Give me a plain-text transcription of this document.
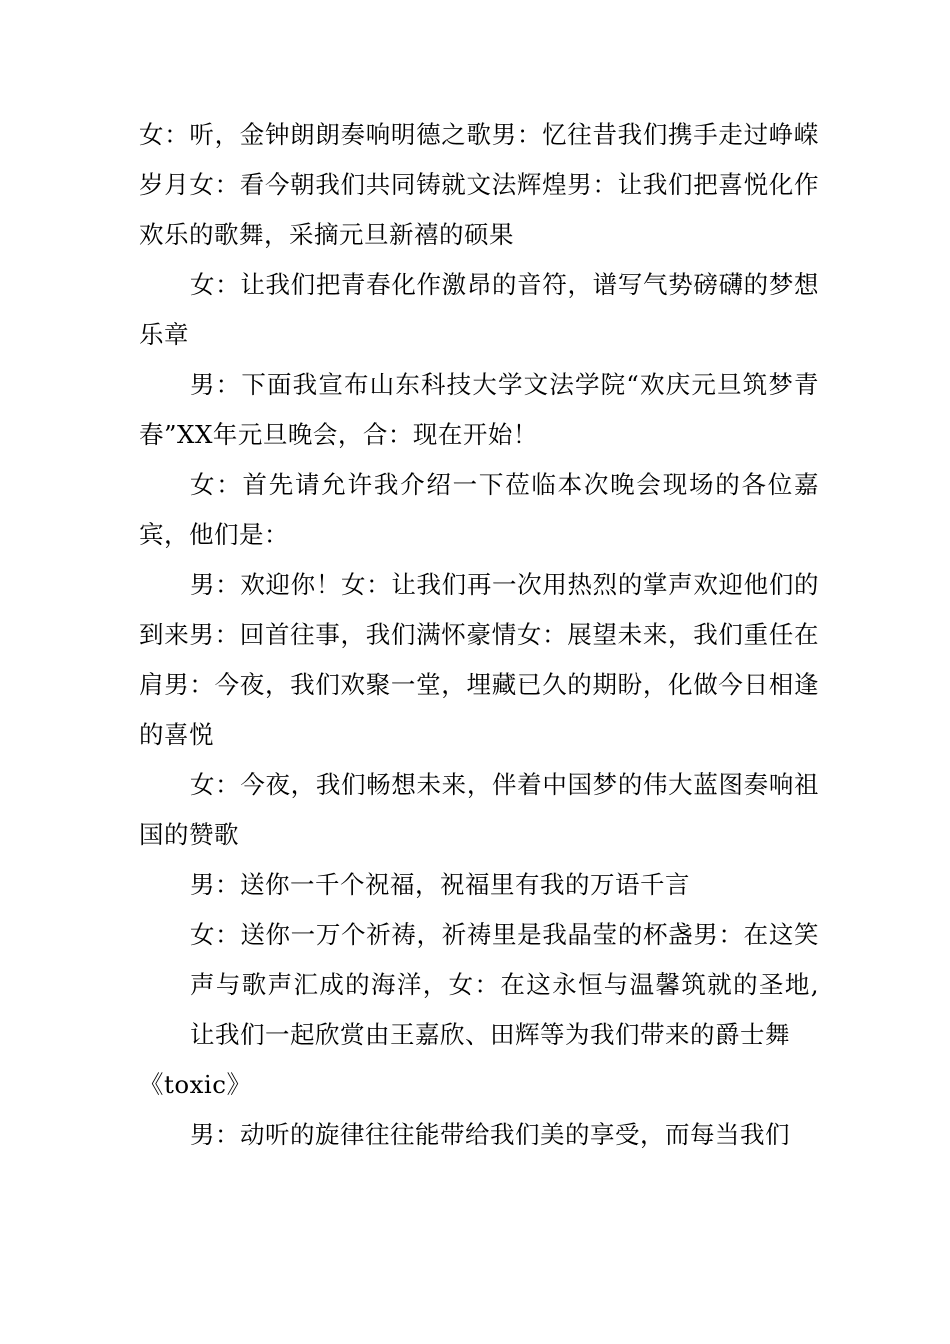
女：听，金钟朗朗奏响明德之歌男：忆往昔我们携手走过峥嵘岁月女：看今朝我们共同铸就文法辉煌男：让我们把喜悦化作欢乐的歌舞，采摘元旦新禧的硕果

女：让我们把青春化作激昂的音符，谱写气势磅礴的梦想乐章

男：下面我宣布山东科技大学文法学院“欢庆元旦筑梦青春”XX年元旦晚会，合：现在开始！

女：首先请允许我介绍一下莅临本次晚会现场的各位嘉宾，他们是：

男：欢迎你！女：让我们再一次用热烈的掌声欢迎他们的到来男：回首往事，我们满怀豪情女：展望未来，我们重任在肩男：今夜，我们欢聚一堂，埋藏已久的期盼，化做今日相逢的喜悦

女：今夜，我们畅想未来，伴着中国梦的伟大蓝图奏响祖国的赞歌

男：送你一千个祝福，祝福里有我的万语千言

女：送你一万个祈祷，祈祷里是我晶莹的杯盏男：在这笑声与歌声汇成的海洋，女：在这永恒与温馨筑就的圣地,让我们一起欣赏由王嘉欣、田辉等为我们带来的爵士舞

《toxic》

男：动听的旋律往往能带给我们美的享受，而每当我们
